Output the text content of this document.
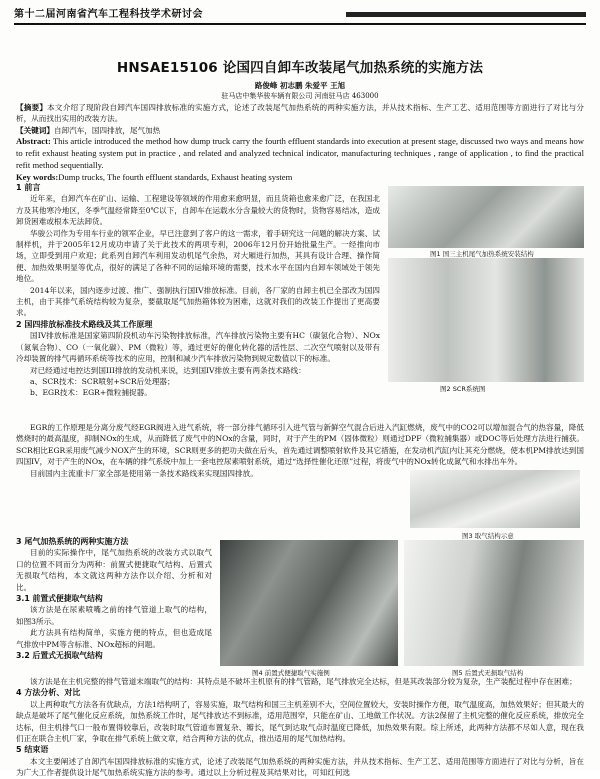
第十二届河南省汽车工程科技学术研讨会
HNSAE15106 论国四自卸车改装尾气加热系统的实施方法
路俊峰 初志鹏 朱爱平 王旭
驻马店中集华骏车辆有限公司 河南驻马店 463000

【摘要】本文介绍了现阶段自卸汽车国四排放标准的实施方式，论述了改装尾气加热系统的两种实施方法，并从技术指标、生产工艺、适用范围等方面进行了对比与分析，从而找出实用的改装方法。

【关键词】自卸汽车，国四排放，尾气加热

Abstract: This article introduced the method how dump truck carry the fourth effluent standards into execution at present stage, discussed two ways and means how to refit exhaust heating system put in practice , and related and analyzed technical indicator, manufacturing techniques , range of application , to find the practical refit method sequentially.

Key words:Dump trucks, The fourth effluent standards, Exhaust heating system

1 前言

近年来，自卸汽车在矿山、运输、工程建设等领域的作用愈来愈明显，而且货箱也愈来愈广泛，在我国北方及其他寒冷地区，冬季气温经常降至0℃以下，自卸车在运载水分含量较大的货物时，货物容易结冰，造成卸货困难或根本无法卸货。

华骏公司作为专用车行业的领军企业，早已注意到了客户的这一需求，着手研究这一问题的解决方案、试制样机，并于2005年12月成功申请了关于此技术的两项专利，2006年12月份开始批量生产。一经推向市场，立即受到用户欢迎；此系列自卸汽车利用发动机尾气余热，对大厢进行加热，其具有设计合理、操作简便、加热效果明显等优点，很好的满足了各种不同的运输环境的需要，技术水平在国内自卸车领域处于领先地位。

2014年以来，国内逐步过渡、推广、强制执行国IV排放标准。目前，各厂家的自卸主机已全部改为国四主机，由于其排气系统结构较为复杂，要截取尾气加热箱体较为困难，这就对我们的改装工作提出了更高要求。

2 国四排放标准技术路线及其工作原理

国IV排放标准是国家第四阶段机动车污染物排放标准，汽车排放污染物主要有HC（碳氢化合物）、NOx（氮氧合物）、CO（一氧化碳）、PM（微粒）等，通过更好的催化转化器的活性层、二次空气喷射以及带有冷却装置的排气再循环系统等技术的应用，控制和减少汽车排放污染物到规定数值以下的标准。

对已经通过电控达到国III排放的发动机来说，达到国IV排放主要有两条技术路线：

a、SCR技术：SCR喷射+SCR后处理器；

b、EGR技术：EGR+微粒捕捉器。

图1 国三主机尾气加热系统安装结构
图2 SCR系统图

EGR的工作原理是分离分废气经EGR阀进入进气系统，将一部分排气循环引入进气管与新鲜空气混合后进入汽缸燃烧，废气中的CO2可以增加混合气的热容量，降低燃烧时的最高温度，抑制NOx的生成，从而降低了废气中的NOx的含量，同时，对于产生的PM（固体微粒）则通过DPF（微粒捕集器）或DOC等后处理方法进行捕获。SCR相比EGR采用废气减少NOX产生的环境，SCR则更多的把功夫做在后头，首先通过调整喷射软件及其它措施，在发动机汽缸内让其充分燃烧，使本机PM排放达到国四国IV，对于产生的NOx，在车辆的排气系统中加上一套电控尿素喷射系统，通过“选择性催化还原”过程，将废气中的NOx转化成氮气和水排出车外。

目前国内主流重卡厂家全部是使用第一条技术路线来实现国四排放。

图3 取气结构示意

3 尾气加热系统的两种实施方法

目前的实际操作中，尾气加热系统的改装方式以取气口的位置不同而分为两种：前置式便捷取气结构、后置式无损取气结构，本文就这两种方法作以介绍、分析和对比。

3.1 前置式便捷取气结构

该方法是在尿素喷嘴之前的排气管道上取气的结构，如图3所示。

此方法具有结构简单，实施方便的特点，但也造成尾气排放中PM等含标准、NOx超标的问题。

3.2 后置式无损取气结构

图4 前置式便捷取气实施例	图5 后置式无损取气结构

该方法是在主机完整的排气管道末端取气的结构：其特点是不破坏主机原有的排气管路，尾气排放完全达标，但是其改装部分较为复杂，生产装配过程中存在困难；

4 方法分析、对比

以上两种取气方法各有优缺点，方法1结构明了，容易实施，取气结构和国三主机差别不大，空间位置较大，安装时操作方便，取气温度高，加热效果好；但其最大的缺点是破坏了尾气催化反应系统，加热系统工作时，尾气排放达不到标准，适用范围窄，只能在矿山、工地做工作状况。方法2保留了主机完整的催化反应系统，排放完全达标，但主机排气口一般布置得较靠后，改装时取气管道布置复杂、瓣长，尾气到达取气点时温度已降低，加热效果有限。综上所述，此两种方法都不尽如人意，现在我们正在联合主机厂家，争取在排气系统上做文章，结合两种方法的优点，推出适用的尾气加热结构。

5 结束语

本文主要阐述了自卸汽车国四排放标准的实施方式，论述了改装尾气加热系统的两种实施方法，并从技术指标、生产工艺、适用范围等方面进行了对比与分析，旨在为广大工作者提供设计尾气加热系统实施方法的参考。通过以上分析过程及其结果对比，可知红何选
